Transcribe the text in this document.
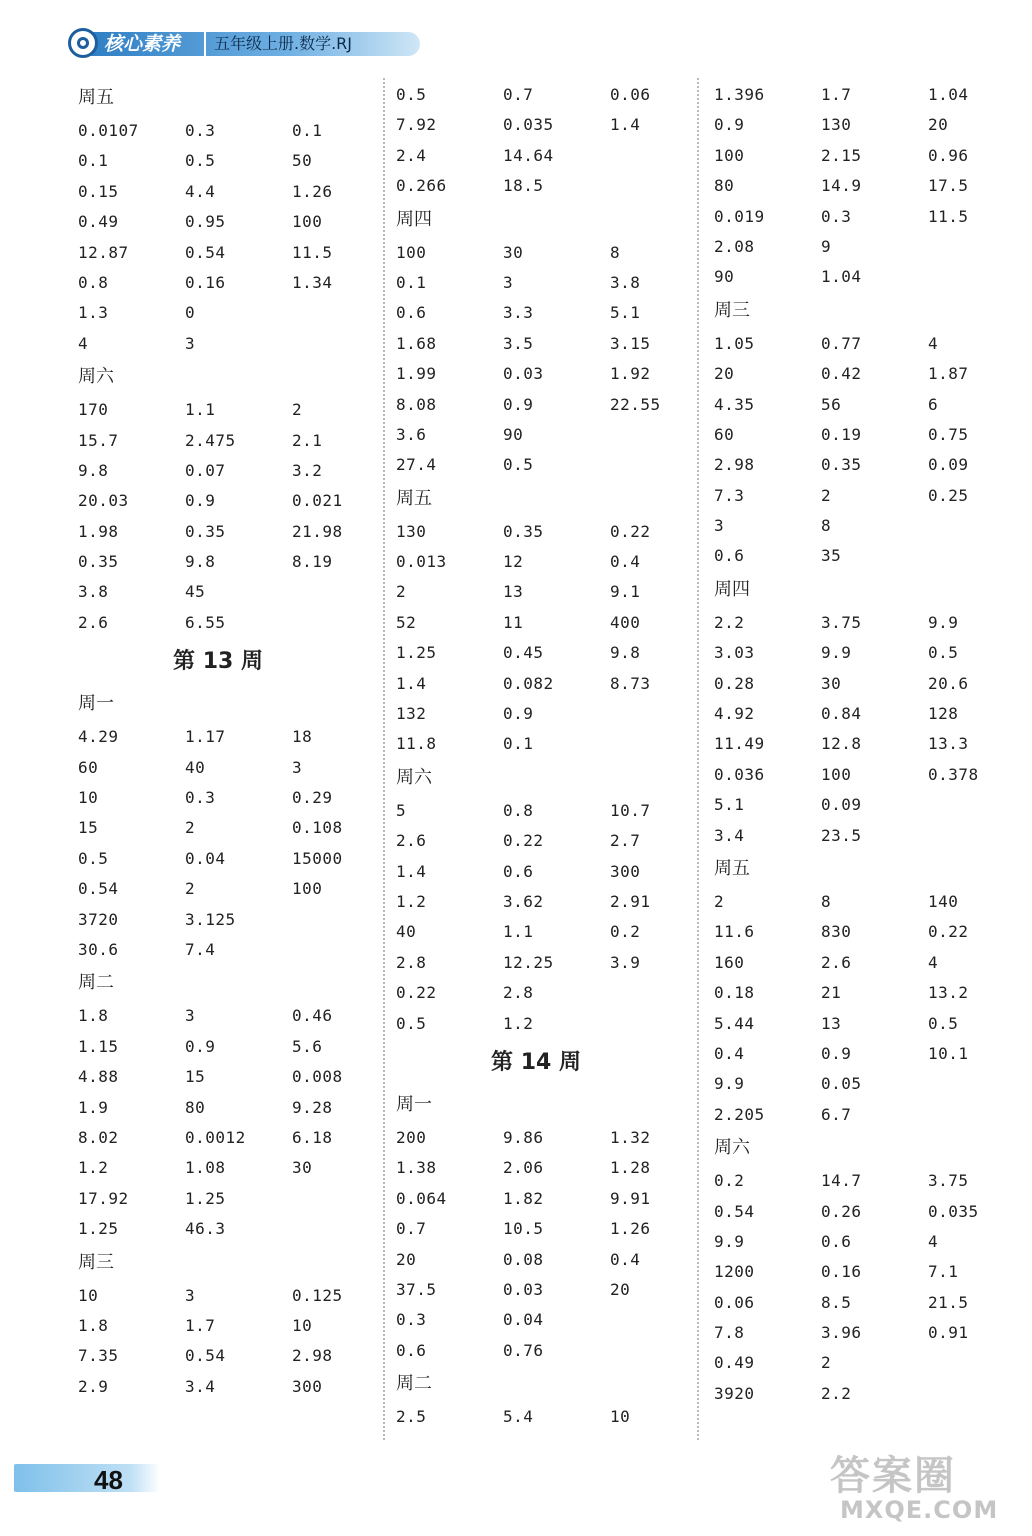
核心素养	五年级上册.数学.RJ
周五
0.0107	0.3	0.1
0.1	0.5	50
0.15	4.4	1.26
0.49	0.95	100
12.87	0.54	11.5
0.8	0.16	1.34
1.3	0
4	3
周六
170	1.1	2
15.7	2.475	2.1
9.8	0.07	3.2
20.03	0.9	0.021
1.98	0.35	21.98
0.35	9.8	8.19
3.8	45
2.6	6.55
第 13 周
周一
4.29	1.17	18
60	40	3
10	0.3	0.29
15	2	0.108
0.5	0.04	15000
0.54	2	100
3720	3.125
30.6	7.4
周二
1.8	3	0.46
1.15	0.9	5.6
4.88	15	0.008
1.9	80	9.28
8.02	0.0012	6.18
1.2	1.08	30
17.92	1.25
1.25	46.3
周三
10	3	0.125
1.8	1.7	10
7.35	0.54	2.98
2.9	3.4	300
0.5	0.7	0.06
7.92	0.035	1.4
2.4	14.64
0.266	18.5
周四
100	30	8
0.1	3	3.8
0.6	3.3	5.1
1.68	3.5	3.15
1.99	0.03	1.92
8.08	0.9	22.55
3.6	90
27.4	0.5
周五
130	0.35	0.22
0.013	12	0.4
2	13	9.1
52	11	400
1.25	0.45	9.8
1.4	0.082	8.73
132	0.9
11.8	0.1
周六
5	0.8	10.7
2.6	0.22	2.7
1.4	0.6	300
1.2	3.62	2.91
40	1.1	0.2
2.8	12.25	3.9
0.22	2.8
0.5	1.2
第 14 周
周一
200	9.86	1.32
1.38	2.06	1.28
0.064	1.82	9.91
0.7	10.5	1.26
20	0.08	0.4
37.5	0.03	20
0.3	0.04
0.6	0.76
周二
2.5	5.4	10
1.396	1.7	1.04
0.9	130	20
100	2.15	0.96
80	14.9	17.5
0.019	0.3	11.5
2.08	9
90	1.04
周三
1.05	0.77	4
20	0.42	1.87
4.35	56	6
60	0.19	0.75
2.98	0.35	0.09
7.3	2	0.25
3	8
0.6	35
周四
2.2	3.75	9.9
3.03	9.9	0.5
0.28	30	20.6
4.92	0.84	128
11.49	12.8	13.3
0.036	100	0.378
5.1	0.09
3.4	23.5
周五
2	8	140
11.6	830	0.22
160	2.6	4
0.18	21	13.2
5.44	13	0.5
0.4	0.9	10.1
9.9	0.05
2.205	6.7
周六
0.2	14.7	3.75
0.54	0.26	0.035
9.9	0.6	4
1200	0.16	7.1
0.06	8.5	21.5
7.8	3.96	0.91
0.49	2
3920	2.2
48	答案圈
MXQE.COM
